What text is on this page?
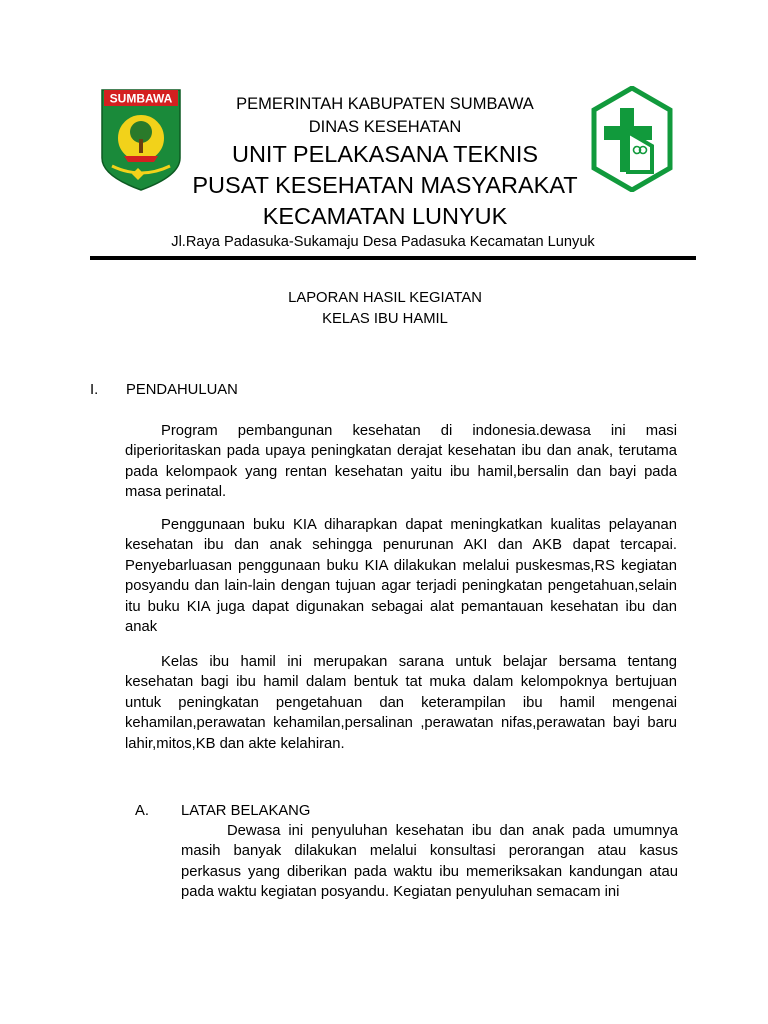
SUMBAWA	PEMERINTAH KABUPATEN SUMBAWA
DINAS KESEHATAN
UNIT PELAKASANA TEKNIS
PUSAT KESEHATAN MASYARAKAT
KECAMATAN LUNYUK
Jl.Raya Padasuka-Sukamaju Desa Padasuka Kecamatan Lunyuk
LAPORAN HASIL KEGIATAN
KELAS IBU HAMIL
I. PENDAHULUAN
Program pembangunan kesehatan di indonesia.dewasa ini masi diperioritaskan pada upaya peningkatan derajat kesehatan ibu dan anak, terutama pada kelompaok yang rentan kesehatan yaitu ibu hamil,bersalin dan bayi pada masa perinatal.
Penggunaan buku KIA diharapkan dapat meningkatkan kualitas pelayanan kesehatan ibu dan anak sehingga penurunan AKI dan AKB dapat tercapai. Penyebarluasan penggunaan buku KIA dilakukan melalui puskesmas,RS kegiatan posyandu dan lain-lain dengan tujuan agar terjadi peningkatan pengetahuan,selain itu buku KIA juga dapat digunakan sebagai alat pemantauan kesehatan ibu dan anak
Kelas ibu hamil ini merupakan sarana untuk belajar bersama tentang kesehatan bagi ibu hamil dalam bentuk tat muka dalam kelompoknya bertujuan untuk peningkatan pengetahuan dan keterampilan ibu hamil mengenai kehamilan,perawatan kehamilan,persalinan ,perawatan nifas,perawatan bayi baru lahir,mitos,KB dan akte kelahiran.
A. LATAR BELAKANG
Dewasa ini penyuluhan kesehatan ibu dan anak pada umumnya masih banyak dilakukan melalui konsultasi perorangan atau kasus perkasus yang diberikan pada waktu ibu memeriksakan kandungan atau pada waktu kegiatan posyandu. Kegiatan penyuluhan semacam ini
